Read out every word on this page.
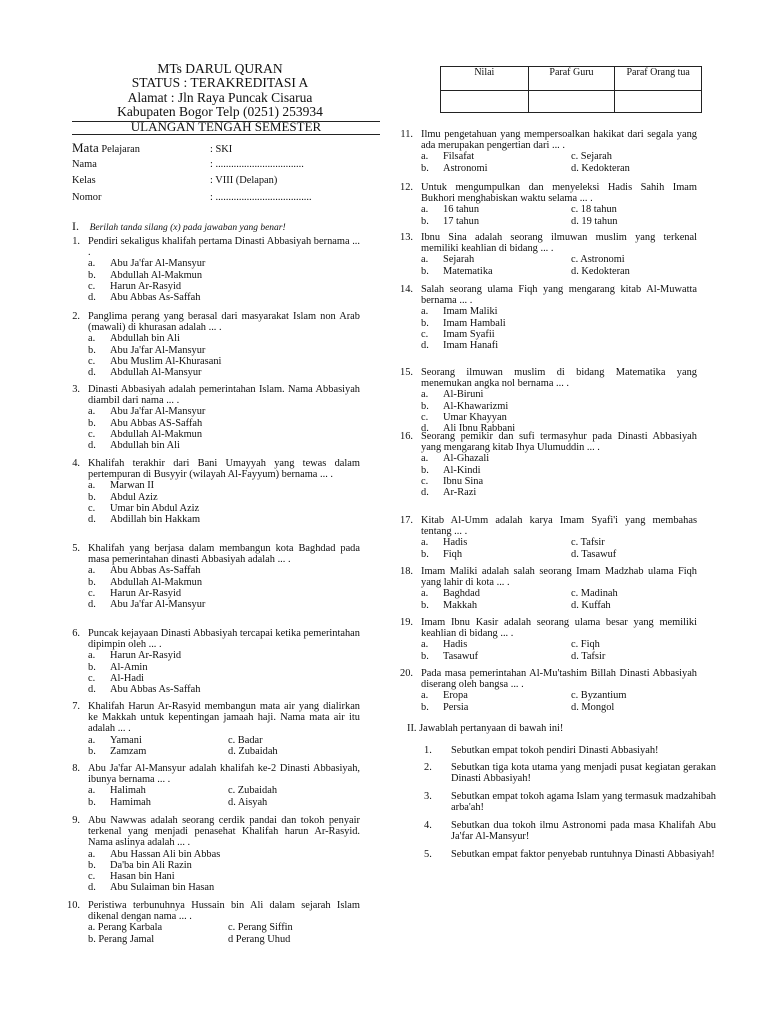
MTs DARUL QURAN
STATUS : TERAKREDITASI A
Alamat : Jln Raya Puncak Cisarua
Kabupaten Bogor Telp (0251) 253934
ULANGAN TENGAH SEMESTER
Mata Pelajaran	: SKI
Nama	: ..................................
Kelas	: VIII (Delapan)
Nomor	: .....................................
Nilai	Paraf Guru	Paraf Orang tua

I. Berilah tanda silang (x) pada jawaban yang benar!
1. Pendiri sekaligus khalifah pertama Dinasti Abbasiyah bernama ... .
a. Abu Ja'far Al-Mansyur
b. Abdullah Al-Makmun
c. Harun Ar-Rasyid
d. Abu Abbas As-Saffah
2. Panglima perang yang berasal dari masyarakat Islam non Arab (mawali) di khurasan adalah ... .
a. Abdullah bin Ali
b. Abu Ja'far Al-Mansyur
c. Abu Muslim Al-Khurasani
d. Abdullah Al-Mansyur
3. Dinasti Abbasiyah adalah pemerintahan Islam. Nama Abbasiyah diambil dari nama ... .
a. Abu Ja'far Al-Mansyur
b. Abu Abbas AS-Saffah
c. Abdullah Al-Makmun
d. Abdullah bin Ali
4. Khalifah terakhir dari Bani Umayyah yang tewas dalam pertempuran di Busyyir (wilayah Al-Fayyum) bernama ... .
a. Marwan II
b. Abdul Aziz
c. Umar bin Abdul Aziz
d. Abdillah bin Hakkam
5. Khalifah yang berjasa dalam membangun kota Baghdad pada masa pemerintahan dinasti Abbasiyah adalah ... .
a. Abu Abbas As-Saffah
b. Abdullah Al-Makmun
c. Harun Ar-Rasyid
d. Abu Ja'far Al-Mansyur
6. Puncak kejayaan Dinasti Abbasiyah tercapai ketika pemerintahan dipimpin oleh ... .
a. Harun Ar-Rasyid
b. Al-Amin
c. Al-Hadi
d. Abu Abbas As-Saffah
7. Khalifah Harun Ar-Rasyid membangun mata air yang dialirkan ke Makkah untuk kepentingan jamaah haji. Nama mata air itu adalah ... .
a. Yamani	c. Badar
b. Zamzam	d. Zubaidah
8. Abu Ja'far Al-Mansyur adalah khalifah ke-2 Dinasti Abbasiyah, ibunya bernama ... .
a. Halimah	c. Zubaidah
b. Hamimah	d. Aisyah
9. Abu Nawwas adalah seorang cerdik pandai dan tokoh penyair terkenal yang menjadi penasehat Khalifah harun Ar-Rasyid. Nama aslinya adalah ... .
a. Abu Hassan Ali bin Abbas
b. Da'ba bin Ali Razin
c. Hasan bin Hani
d. Abu Sulaiman bin Hasan
10. Peristiwa terbunuhnya Hussain bin Ali dalam sejarah Islam dikenal dengan nama ... .
a. Perang Karbala	c. Perang Siffin
b. Perang Jamal	d Perang Uhud
11. Ilmu pengetahuan yang mempersoalkan hakikat dari segala yang ada merupakan pengertian dari ... .
a. Filsafat	c. Sejarah
b. Astronomi	d. Kedokteran
12. Untuk mengumpulkan dan menyeleksi Hadis Sahih Imam Bukhori menghabiskan waktu selama ... .
a. 16 tahun	c. 18 tahun
b. 17 tahun	d. 19 tahun
13. Ibnu Sina adalah seorang ilmuwan muslim yang terkenal memiliki keahlian di bidang ... .
a. Sejarah	c. Astronomi
b. Matematika	d. Kedokteran
14. Salah seorang ulama Fiqh yang mengarang kitab Al-Muwatta bernama ... .
a. Imam Maliki
b. Imam Hambali
c. Imam Syafii
d. Imam Hanafi
15. Seorang ilmuwan muslim di bidang Matematika yang menemukan angka nol bernama ... .
a. Al-Biruni
b. Al-Khawarizmi
c. Umar Khayyan
d. Ali Ibnu Rabbani
16. Seorang pemikir dan sufi termasyhur pada Dinasti Abbasiyah yang mengarang kitab Ihya Ulumuddin ... .
a. Al-Ghazali
b. Al-Kindi
c. Ibnu Sina
d. Ar-Razi
17. Kitab Al-Umm adalah karya Imam Syafi'i yang membahas tentang ... .
a. Hadis	c. Tafsir
b. Fiqh	d. Tasawuf
18. Imam Maliki adalah salah seorang Imam Madzhab ulama Fiqh yang lahir di kota ... .
a. Baghdad	c. Madinah
b. Makkah	d. Kuffah
19. Imam Ibnu Kasir adalah seorang ulama besar yang memiliki keahlian di bidang ... .
a. Hadis	c. Fiqh
b. Tasawuf	d. Tafsir
20. Pada masa pemerintahan Al-Mu'tashim Billah Dinasti Abbasiyah diserang oleh bangsa ... .
a. Eropa	c. Byzantium
b. Persia	d. Mongol
II. Jawablah pertanyaan di bawah ini!
1.	Sebutkan empat tokoh pendiri Dinasti Abbasiyah!
2.	Sebutkan tiga kota utama yang menjadi pusat kegiatan gerakan Dinasti Abbasiyah!
3.	Sebutkan empat tokoh agama Islam yang termasuk madzahibah arba'ah!
4.	Sebutkan dua tokoh ilmu Astronomi pada masa Khalifah Abu Ja'far Al-Mansyur!
5.	Sebutkan empat faktor penyebab runtuhnya Dinasti Abbasiyah!
